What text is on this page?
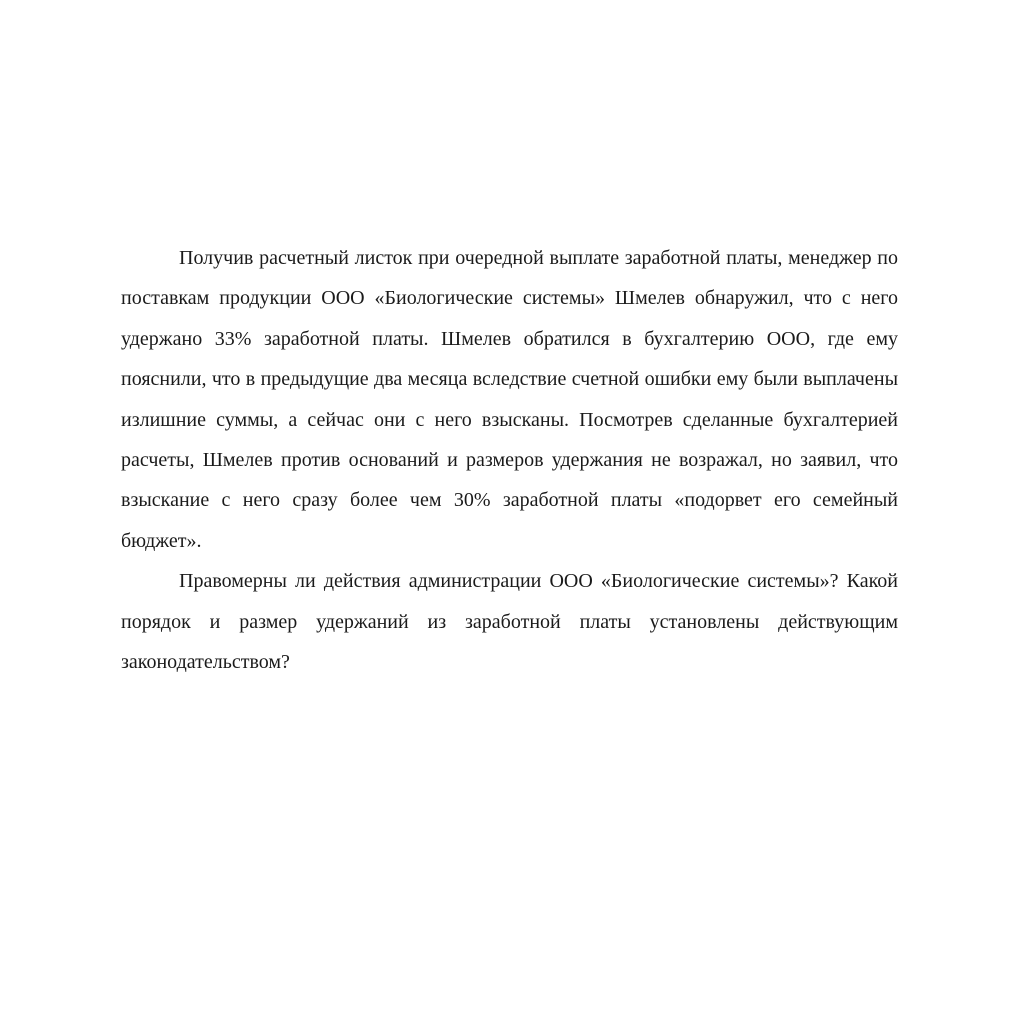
Получив расчетный листок при очередной выплате заработной платы, менеджер по поставкам продукции ООО «Биологические системы» Шмелев обнаружил, что с него удержано 33% заработной платы. Шмелев обратился в бухгалтерию ООО, где ему пояснили, что в предыдущие два месяца вследствие счетной ошибки ему были выплачены излишние суммы, а сейчас они с него взысканы. Посмотрев сделанные бухгалтерией расчеты, Шмелев против оснований и размеров удержания не возражал, но заявил, что взыскание с него сразу более чем 30% заработной платы «подорвет его семейный бюджет».

Правомерны ли действия администрации ООО «Биологические системы»? Какой порядок и размер удержаний из заработной платы установлены действующим законодательством?
